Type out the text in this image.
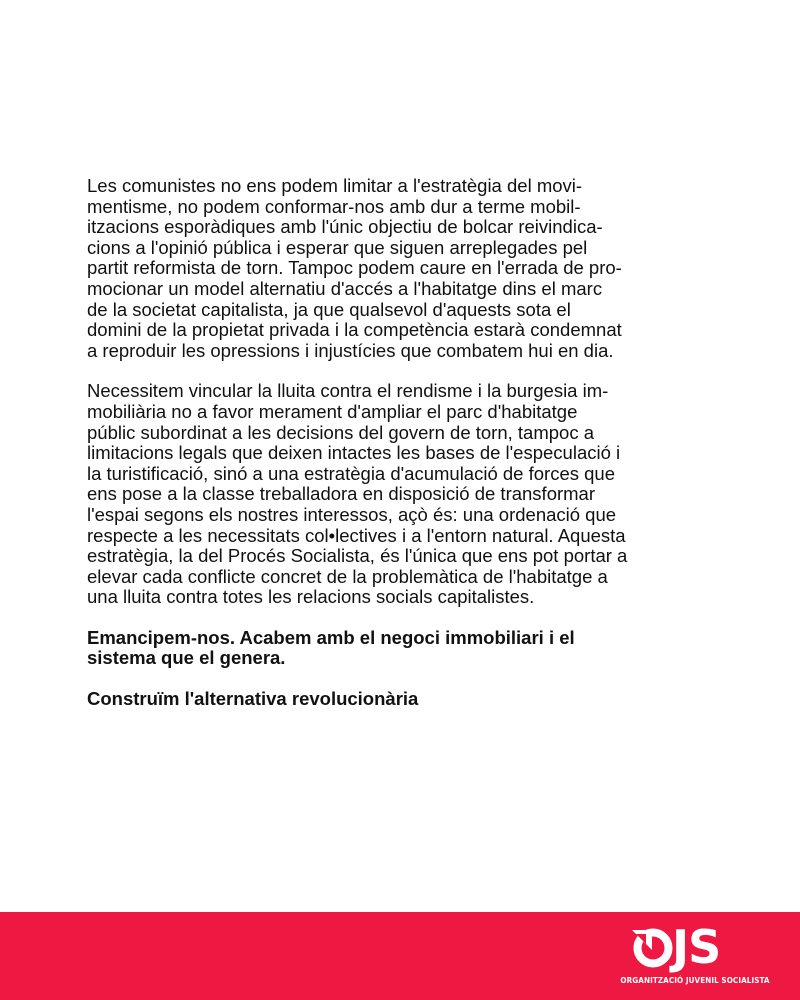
Les comunistes no ens podem limitar a l'estratègia del movi-
mentisme, no podem conformar-nos amb dur a terme mobil-
itzacions esporàdiques amb l'únic objectiu de bolcar reivindica-
cions a l'opinió pública i esperar que siguen arreplegades pel
partit reformista de torn. Tampoc podem caure en l'errada de pro-
mocionar un model alternatiu d'accés a l'habitatge dins el marc
de la societat capitalista, ja que qualsevol d'aquests sota el
domini de la propietat privada i la competència estarà condemnat
a reproduir les opressions i injustícies que combatem hui en dia.
Necessitem vincular la lluita contra el rendisme i la burgesia im-
mobiliària no a favor merament d'ampliar el parc d'habitatge
públic subordinat a les decisions del govern de torn, tampoc a
limitacions legals que deixen intactes les bases de l'especulació i
la turistificació, sinó a una estratègia d'acumulació de forces que
ens pose a la classe treballadora en disposició de transformar
l'espai segons els nostres interessos, açò és: una ordenació que
respecte a les necessitats col•lectives i a l'entorn natural. Aquesta
estratègia, la del Procés Socialista, és l'única que ens pot portar a
elevar cada conflicte concret de la problemàtica de l'habitatge a
una lluita contra totes les relacions socials capitalistes.
Emancipem-nos. Acabem amb el negoci immobiliari i el
sistema que el genera.
Construïm l'alternativa revolucionària
JS
ORGANITZACIÓ JUVENIL SOCIALISTA
